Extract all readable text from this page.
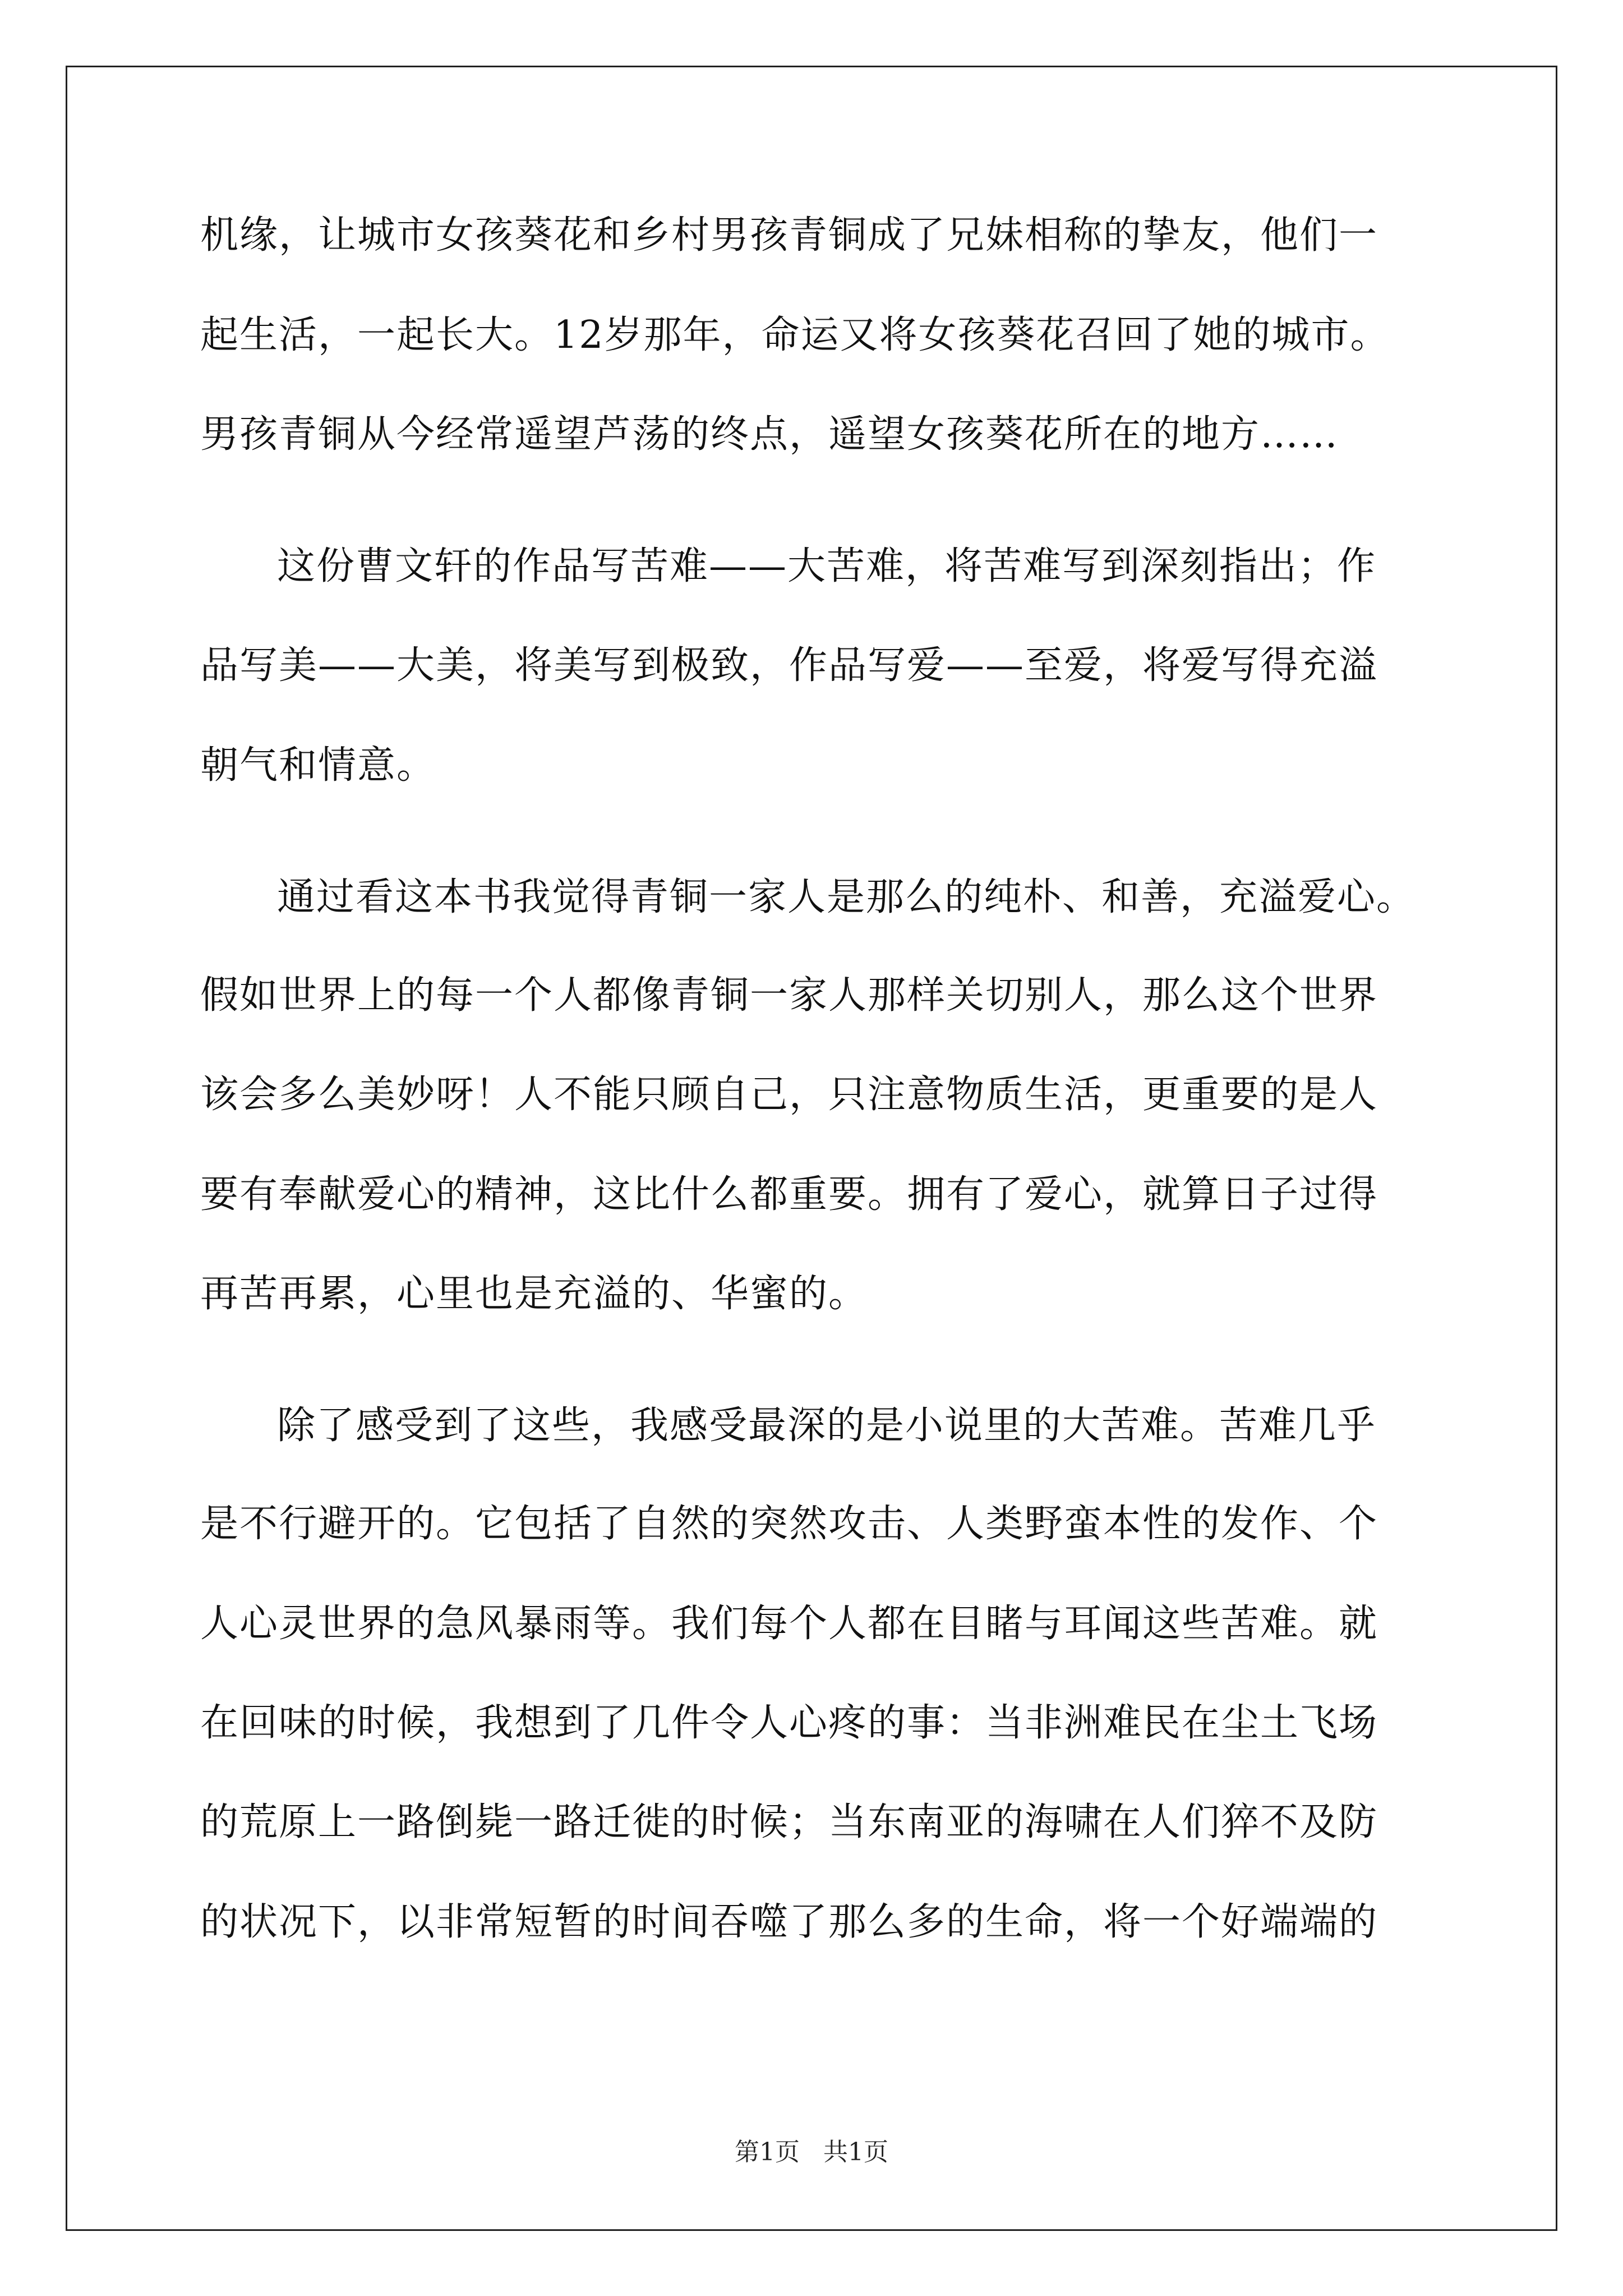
机缘，让城市女孩葵花和乡村男孩青铜成了兄妹相称的挚友，他们一
起生活，一起长大。12岁那年，命运又将女孩葵花召回了她的城市。
男孩青铜从今经常遥望芦荡的终点，遥望女孩葵花所在的地方……
这份曹文轩的作品写苦难——大苦难，将苦难写到深刻指出；作
品写美——大美，将美写到极致，作品写爱——至爱，将爱写得充溢
朝气和情意。
通过看这本书我觉得青铜一家人是那么的纯朴、和善，充溢爱心。
假如世界上的每一个人都像青铜一家人那样关切别人，那么这个世界
该会多么美妙呀！人不能只顾自己，只注意物质生活，更重要的是人
要有奉献爱心的精神，这比什么都重要。拥有了爱心，就算日子过得
再苦再累，心里也是充溢的、华蜜的。
除了感受到了这些，我感受最深的是小说里的大苦难。苦难几乎
是不行避开的。它包括了自然的突然攻击、人类野蛮本性的发作、个
人心灵世界的急风暴雨等。我们每个人都在目睹与耳闻这些苦难。就
在回味的时候，我想到了几件令人心疼的事：当非洲难民在尘土飞场
的荒原上一路倒毙一路迁徙的时候；当东南亚的海啸在人们猝不及防
的状况下，以非常短暂的时间吞噬了那么多的生命，将一个好端端的
第1页 共1页
